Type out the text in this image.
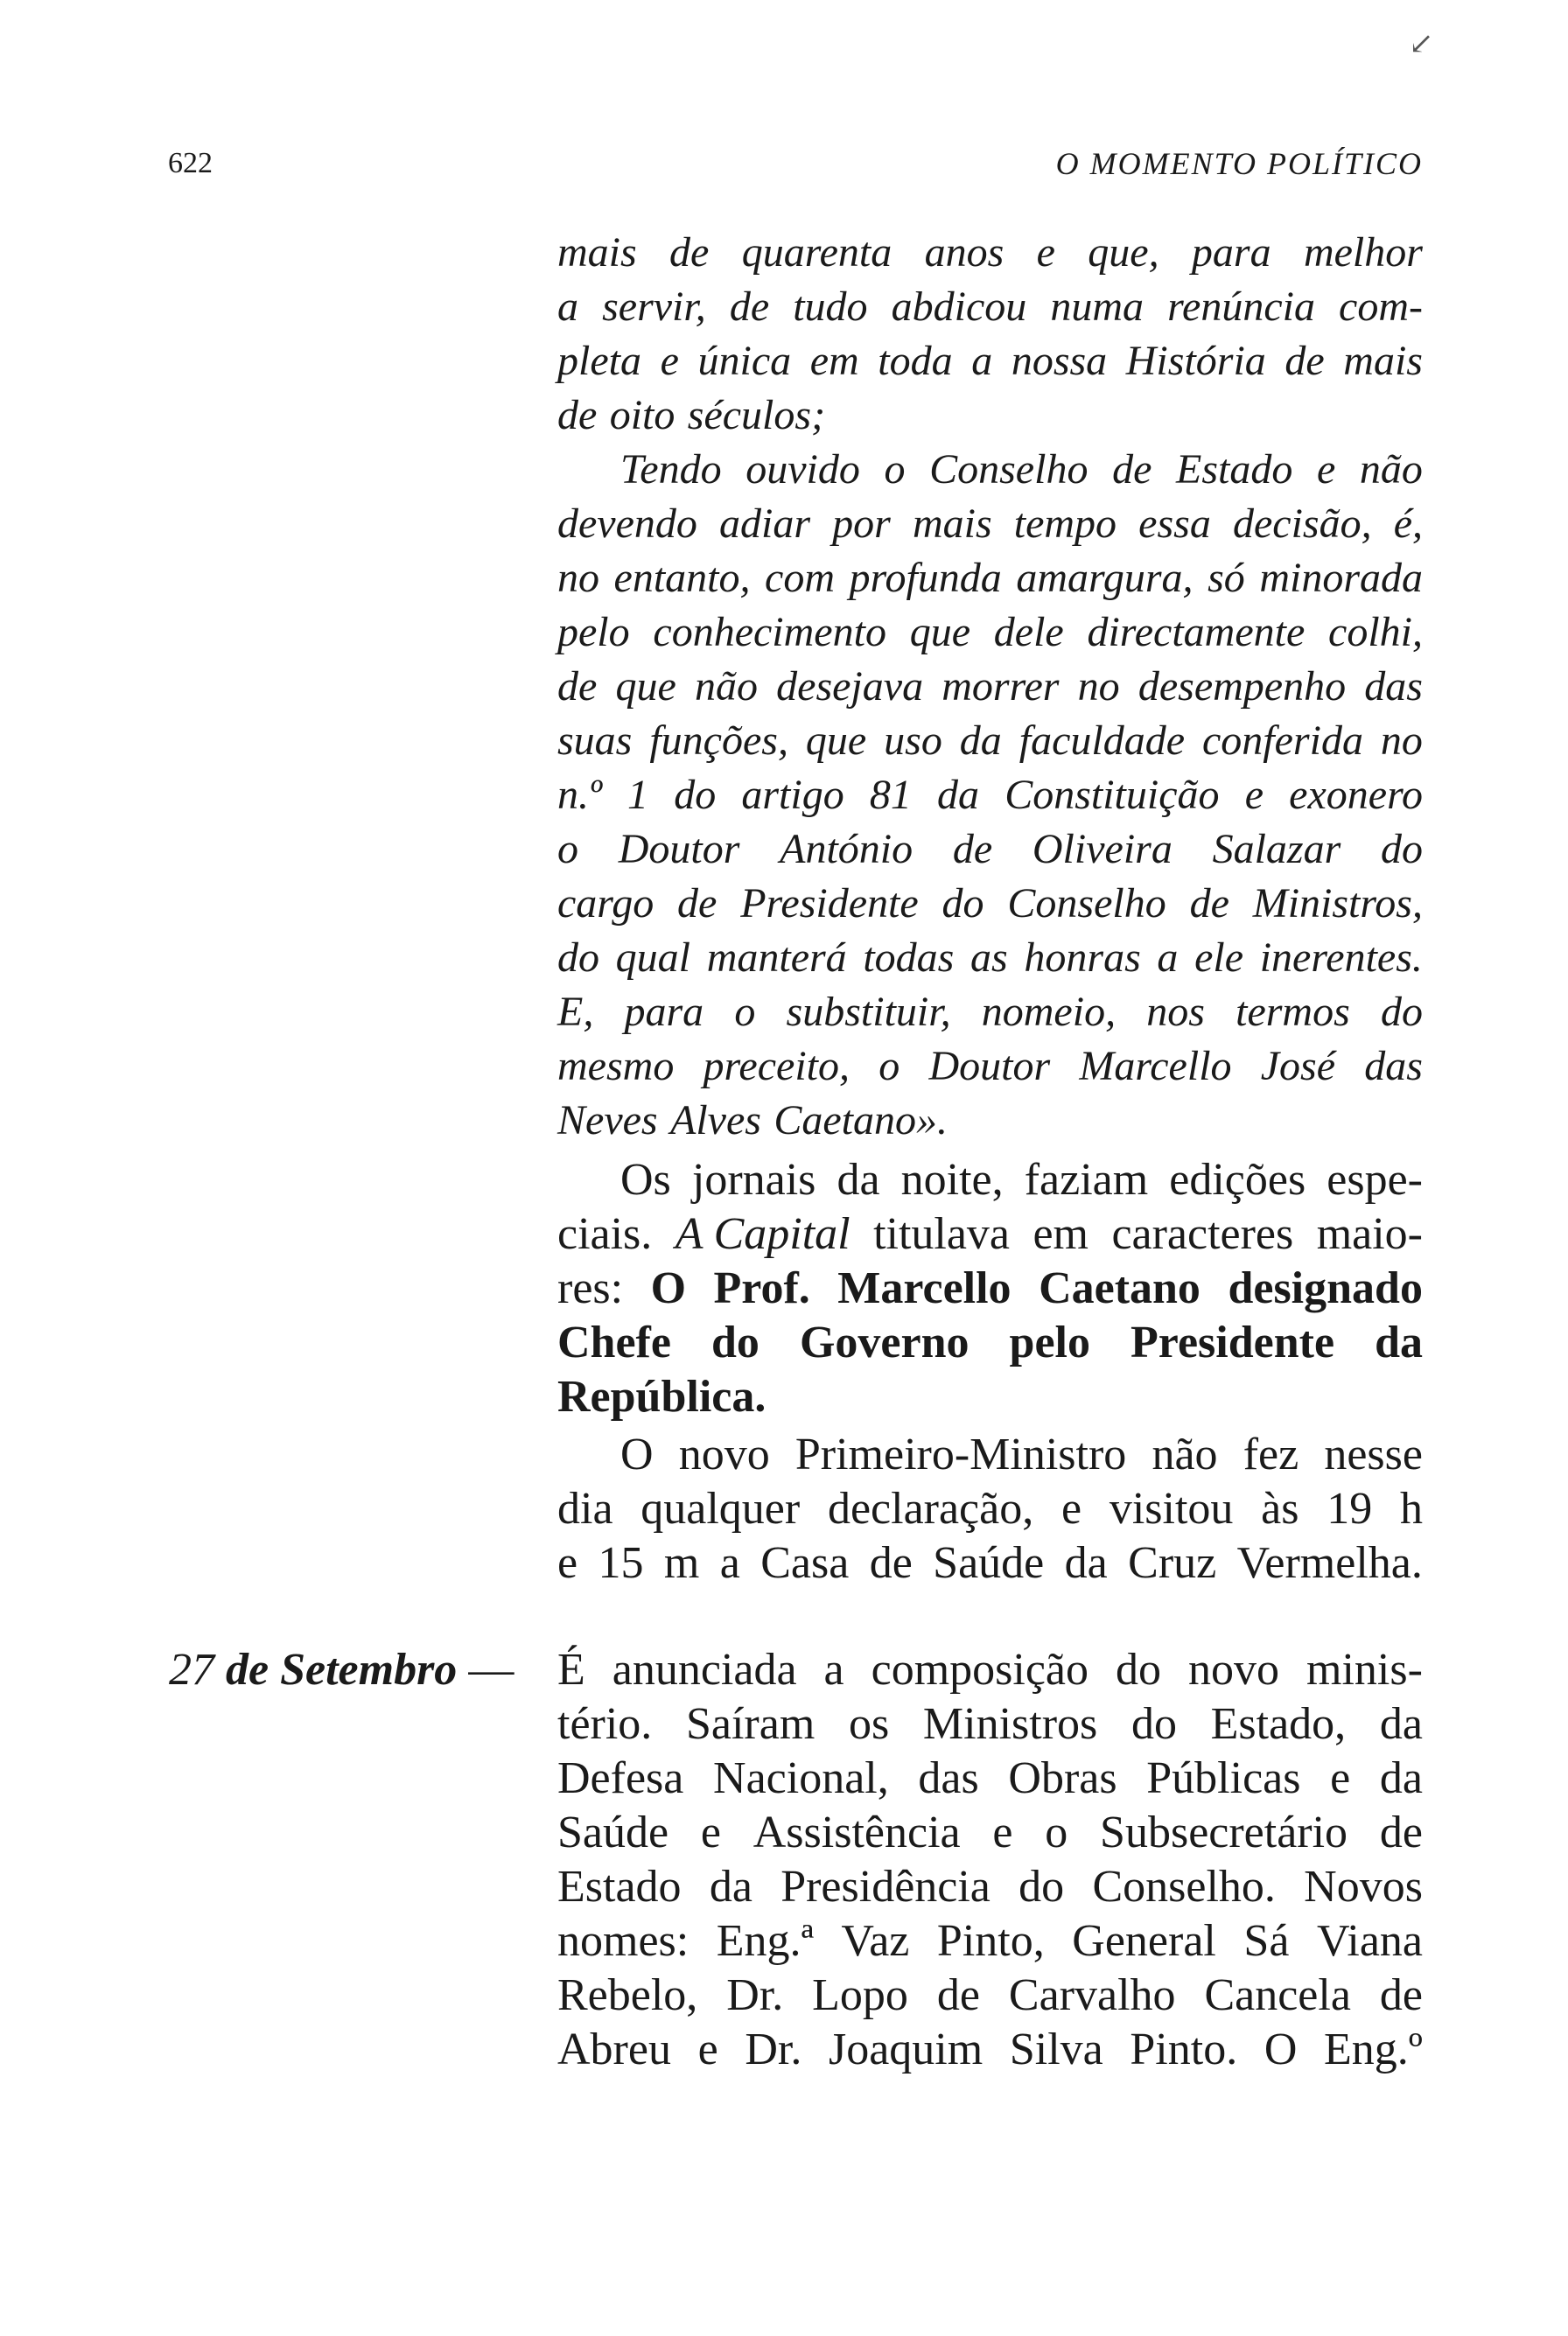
↙
622	O MOMENTO POLÍTICO
mais de quarenta anos e que, para melhor
a servir, de tudo abdicou numa renúncia com-
pleta e única em toda a nossa História de mais
de oito séculos;
Tendo ouvido o Conselho de Estado e não
devendo adiar por mais tempo essa decisão, é,
no entanto, com profunda amargura, só minorada
pelo conhecimento que dele directamente colhi,
de que não desejava morrer no desempenho das
suas funções, que uso da faculdade conferida no
n.º 1 do artigo 81 da Constituição e exonero
o Doutor António de Oliveira Salazar do
cargo de Presidente do Conselho de Ministros,
do qual manterá todas as honras a ele inerentes.
E, para o substituir, nomeio, nos termos do
mesmo preceito, o Doutor Marcello José das
Neves Alves Caetano».
Os jornais da noite, faziam edições espe-
ciais. A Capital titulava em caracteres maio-
res: O Prof. Marcello Caetano designado
Chefe do Governo pelo Presidente da
República.
O novo Primeiro-Ministro não fez nesse
dia qualquer declaração, e visitou às 19 h
e 15 m a Casa de Saúde da Cruz Vermelha.
27 de Setembro — É anunciada a composição do novo minis-
tério. Saíram os Ministros do Estado, da
Defesa Nacional, das Obras Públicas e da
Saúde e Assistência e o Subsecretário de
Estado da Presidência do Conselho. Novos
nomes: Eng.ª Vaz Pinto, General Sá Viana
Rebelo, Dr. Lopo de Carvalho Cancela de
Abreu e Dr. Joaquim Silva Pinto. O Eng.º
